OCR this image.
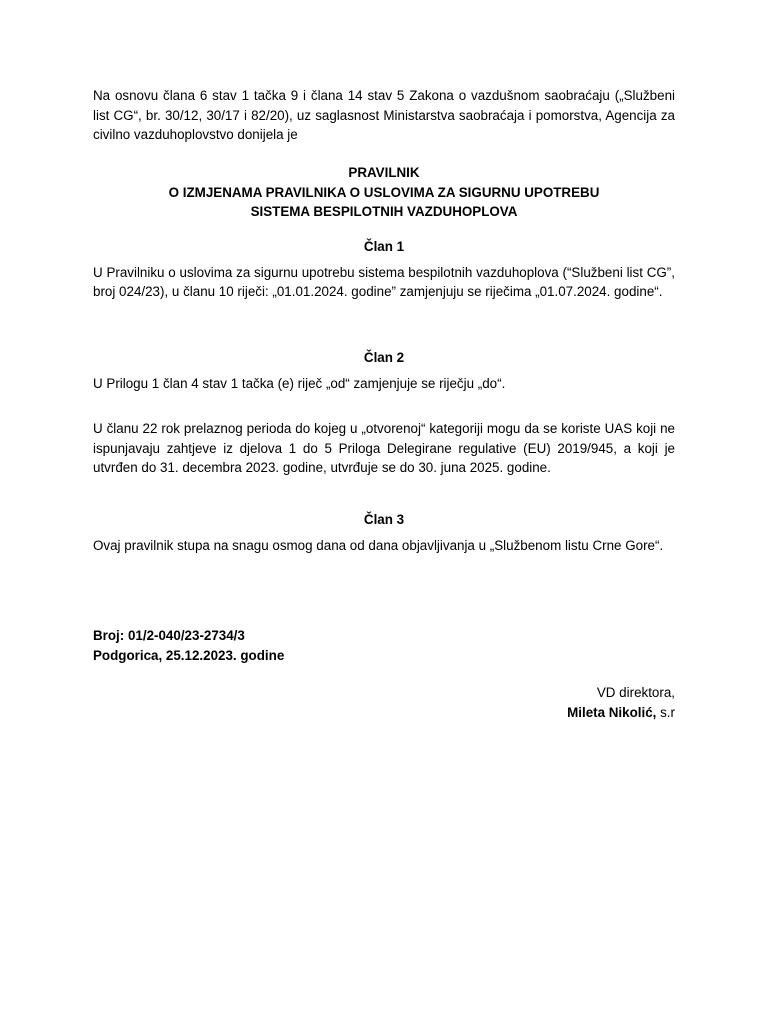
Na osnovu člana 6 stav 1 tačka 9 i člana 14 stav 5 Zakona o vazdušnom saobraćaju („Službeni list CG“, br. 30/12, 30/17 i 82/20), uz saglasnost Ministarstva saobraćaja i pomorstva, Agencija za civilno vazduhoplovstvo donijela je

PRAVILNIK

O IZMJENAMA PRAVILNIKA O USLOVIMA ZA SIGURNU UPOTREBU

SISTEMA BESPILOTNIH VAZDUHOPLOVA

Član 1

U Pravilniku o uslovima za sigurnu upotrebu sistema bespilotnih vazduhoplova (“Službeni list CG”, broj 024/23), u članu 10 riječi: „01.01.2024. godine” zamjenjuju se riječima „01.07.2024. godine“.

Član 2

U Prilogu 1 član 4 stav 1 tačka (e) riječ „od“ zamjenjuje se riječju „do“.

U članu 22 rok prelaznog perioda do kojeg u „otvorenoj“ kategoriji mogu da se koriste UAS koji ne ispunjavaju zahtjeve iz djelova 1 do 5 Priloga Delegirane regulative (EU) 2019/945, a koji je utvrđen do 31. decembra 2023. godine, utvrđuje se do 30. juna 2025. godine.

Član 3

Ovaj pravilnik stupa na snagu osmog dana od dana objavljivanja u „Službenom listu Crne Gore“.

Broj: 01/2-040/23-2734/3

Podgorica, 25.12.2023. godine

VD direktora,

Mileta Nikolić, s.r
